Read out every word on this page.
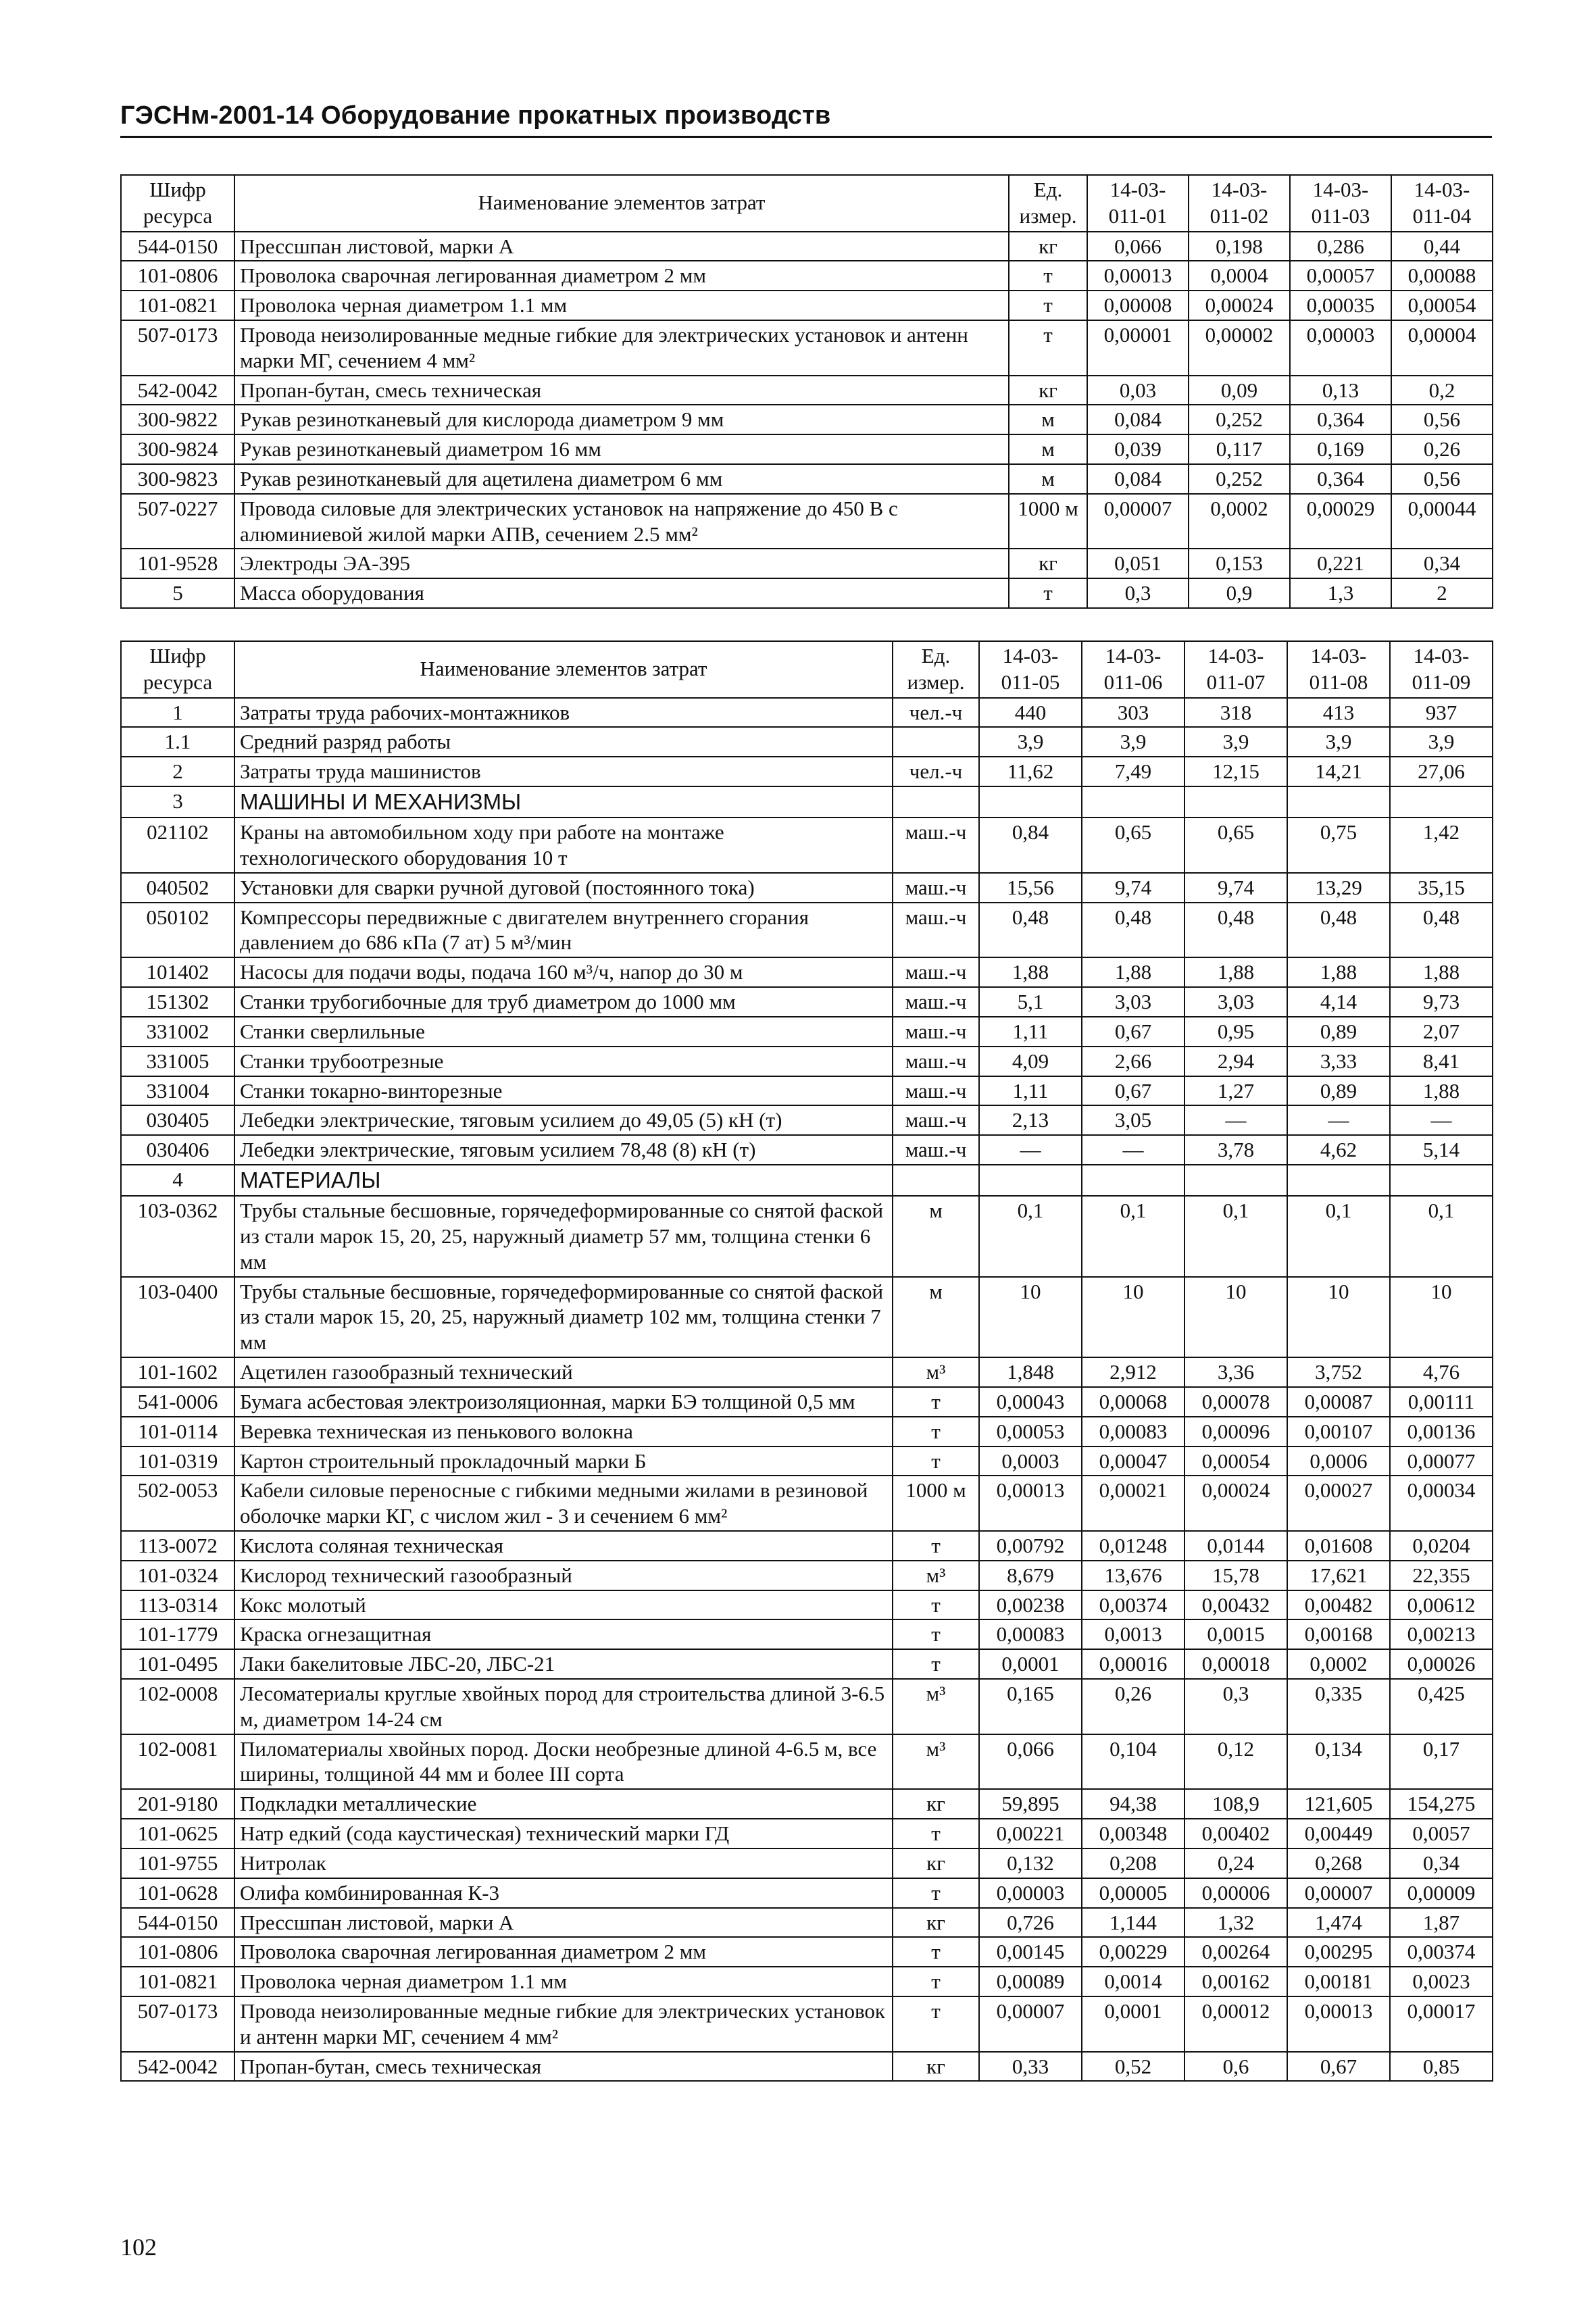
ГЭСНм-2001-14 Оборудование прокатных производств
Шифр ресурса	Наименование элементов затрат	Ед. измер.	14-03-011-01	14-03-011-02	14-03-011-03	14-03-011-04
544-0150	Прессшпан листовой, марки А	кг	0,066	0,198	0,286	0,44
101-0806	Проволока сварочная легированная диаметром 2 мм	т	0,00013	0,0004	0,00057	0,00088
101-0821	Проволока черная диаметром 1.1 мм	т	0,00008	0,00024	0,00035	0,00054
507-0173	Провода неизолированные медные гибкие для электрических установок и антенн марки МГ, сечением 4 мм²	т	0,00001	0,00002	0,00003	0,00004
542-0042	Пропан-бутан, смесь техническая	кг	0,03	0,09	0,13	0,2
300-9822	Рукав резинотканевый для кислорода диаметром 9 мм	м	0,084	0,252	0,364	0,56
300-9824	Рукав резинотканевый диаметром 16 мм	м	0,039	0,117	0,169	0,26
300-9823	Рукав резинотканевый для ацетилена диаметром 6 мм	м	0,084	0,252	0,364	0,56
507-0227	Провода силовые для электрических установок на напряжение до 450 В с алюминиевой жилой марки АПВ, сечением 2.5 мм²	1000 м	0,00007	0,0002	0,00029	0,00044
101-9528	Электроды ЭА-395	кг	0,051	0,153	0,221	0,34
5	Масса оборудования	т	0,3	0,9	1,3	2
Шифр ресурса	Наименование элементов затрат	Ед. измер.	14-03-011-05	14-03-011-06	14-03-011-07	14-03-011-08	14-03-011-09
1	Затраты труда рабочих-монтажников	чел.-ч	440	303	318	413	937
1.1	Средний разряд работы		3,9	3,9	3,9	3,9	3,9
2	Затраты труда машинистов	чел.-ч	11,62	7,49	12,15	14,21	27,06
3	МАШИНЫ И МЕХАНИЗМЫ						
021102	Краны на автомобильном ходу при работе на монтаже технологического оборудования 10 т	маш.-ч	0,84	0,65	0,65	0,75	1,42
040502	Установки для сварки ручной дуговой (постоянного тока)	маш.-ч	15,56	9,74	9,74	13,29	35,15
050102	Компрессоры передвижные с двигателем внутреннего сгорания давлением до 686 кПа (7 ат) 5 м³/мин	маш.-ч	0,48	0,48	0,48	0,48	0,48
101402	Насосы для подачи воды, подача 160 м³/ч, напор до 30 м	маш.-ч	1,88	1,88	1,88	1,88	1,88
151302	Станки трубогибочные для труб диаметром до 1000 мм	маш.-ч	5,1	3,03	3,03	4,14	9,73
331002	Станки сверлильные	маш.-ч	1,11	0,67	0,95	0,89	2,07
331005	Станки трубоотрезные	маш.-ч	4,09	2,66	2,94	3,33	8,41
331004	Станки токарно-винторезные	маш.-ч	1,11	0,67	1,27	0,89	1,88
030405	Лебедки электрические, тяговым усилием до 49,05 (5) кН (т)	маш.-ч	2,13	3,05	—	—	—
030406	Лебедки электрические, тяговым усилием 78,48 (8) кН (т)	маш.-ч	—	—	3,78	4,62	5,14
4	МАТЕРИАЛЫ						
103-0362	Трубы стальные бесшовные, горячедеформированные со снятой фаской из стали марок 15, 20, 25, наружный диаметр 57 мм, толщина стенки 6 мм	м	0,1	0,1	0,1	0,1	0,1
103-0400	Трубы стальные бесшовные, горячедеформированные со снятой фаской из стали марок 15, 20, 25, наружный диаметр 102 мм, толщина стенки 7 мм	м	10	10	10	10	10
101-1602	Ацетилен газообразный технический	м³	1,848	2,912	3,36	3,752	4,76
541-0006	Бумага асбестовая электроизоляционная, марки БЭ толщиной 0,5 мм	т	0,00043	0,00068	0,00078	0,00087	0,00111
101-0114	Веревка техническая из пенькового волокна	т	0,00053	0,00083	0,00096	0,00107	0,00136
101-0319	Картон строительный прокладочный марки Б	т	0,0003	0,00047	0,00054	0,0006	0,00077
502-0053	Кабели силовые переносные с гибкими медными жилами в резиновой оболочке марки КГ, с числом жил - 3 и сечением 6 мм²	1000 м	0,00013	0,00021	0,00024	0,00027	0,00034
113-0072	Кислота соляная техническая	т	0,00792	0,01248	0,0144	0,01608	0,0204
101-0324	Кислород технический газообразный	м³	8,679	13,676	15,78	17,621	22,355
113-0314	Кокс молотый	т	0,00238	0,00374	0,00432	0,00482	0,00612
101-1779	Краска огнезащитная	т	0,00083	0,0013	0,0015	0,00168	0,00213
101-0495	Лаки бакелитовые ЛБС-20, ЛБС-21	т	0,0001	0,00016	0,00018	0,0002	0,00026
102-0008	Лесоматериалы круглые хвойных пород для строительства длиной 3-6.5 м, диаметром 14-24 см	м³	0,165	0,26	0,3	0,335	0,425
102-0081	Пиломатериалы хвойных пород. Доски необрезные длиной 4-6.5 м, все ширины, толщиной 44 мм и более III сорта	м³	0,066	0,104	0,12	0,134	0,17
201-9180	Подкладки металлические	кг	59,895	94,38	108,9	121,605	154,275
101-0625	Натр едкий (сода каустическая) технический марки ГД	т	0,00221	0,00348	0,00402	0,00449	0,0057
101-9755	Нитролак	кг	0,132	0,208	0,24	0,268	0,34
101-0628	Олифа комбинированная К-3	т	0,00003	0,00005	0,00006	0,00007	0,00009
544-0150	Прессшпан листовой, марки А	кг	0,726	1,144	1,32	1,474	1,87
101-0806	Проволока сварочная легированная диаметром 2 мм	т	0,00145	0,00229	0,00264	0,00295	0,00374
101-0821	Проволока черная диаметром 1.1 мм	т	0,00089	0,0014	0,00162	0,00181	0,0023
507-0173	Провода неизолированные медные гибкие для электрических установок и антенн марки МГ, сечением 4 мм²	т	0,00007	0,0001	0,00012	0,00013	0,00017
542-0042	Пропан-бутан, смесь техническая	кг	0,33	0,52	0,6	0,67	0,85
102
